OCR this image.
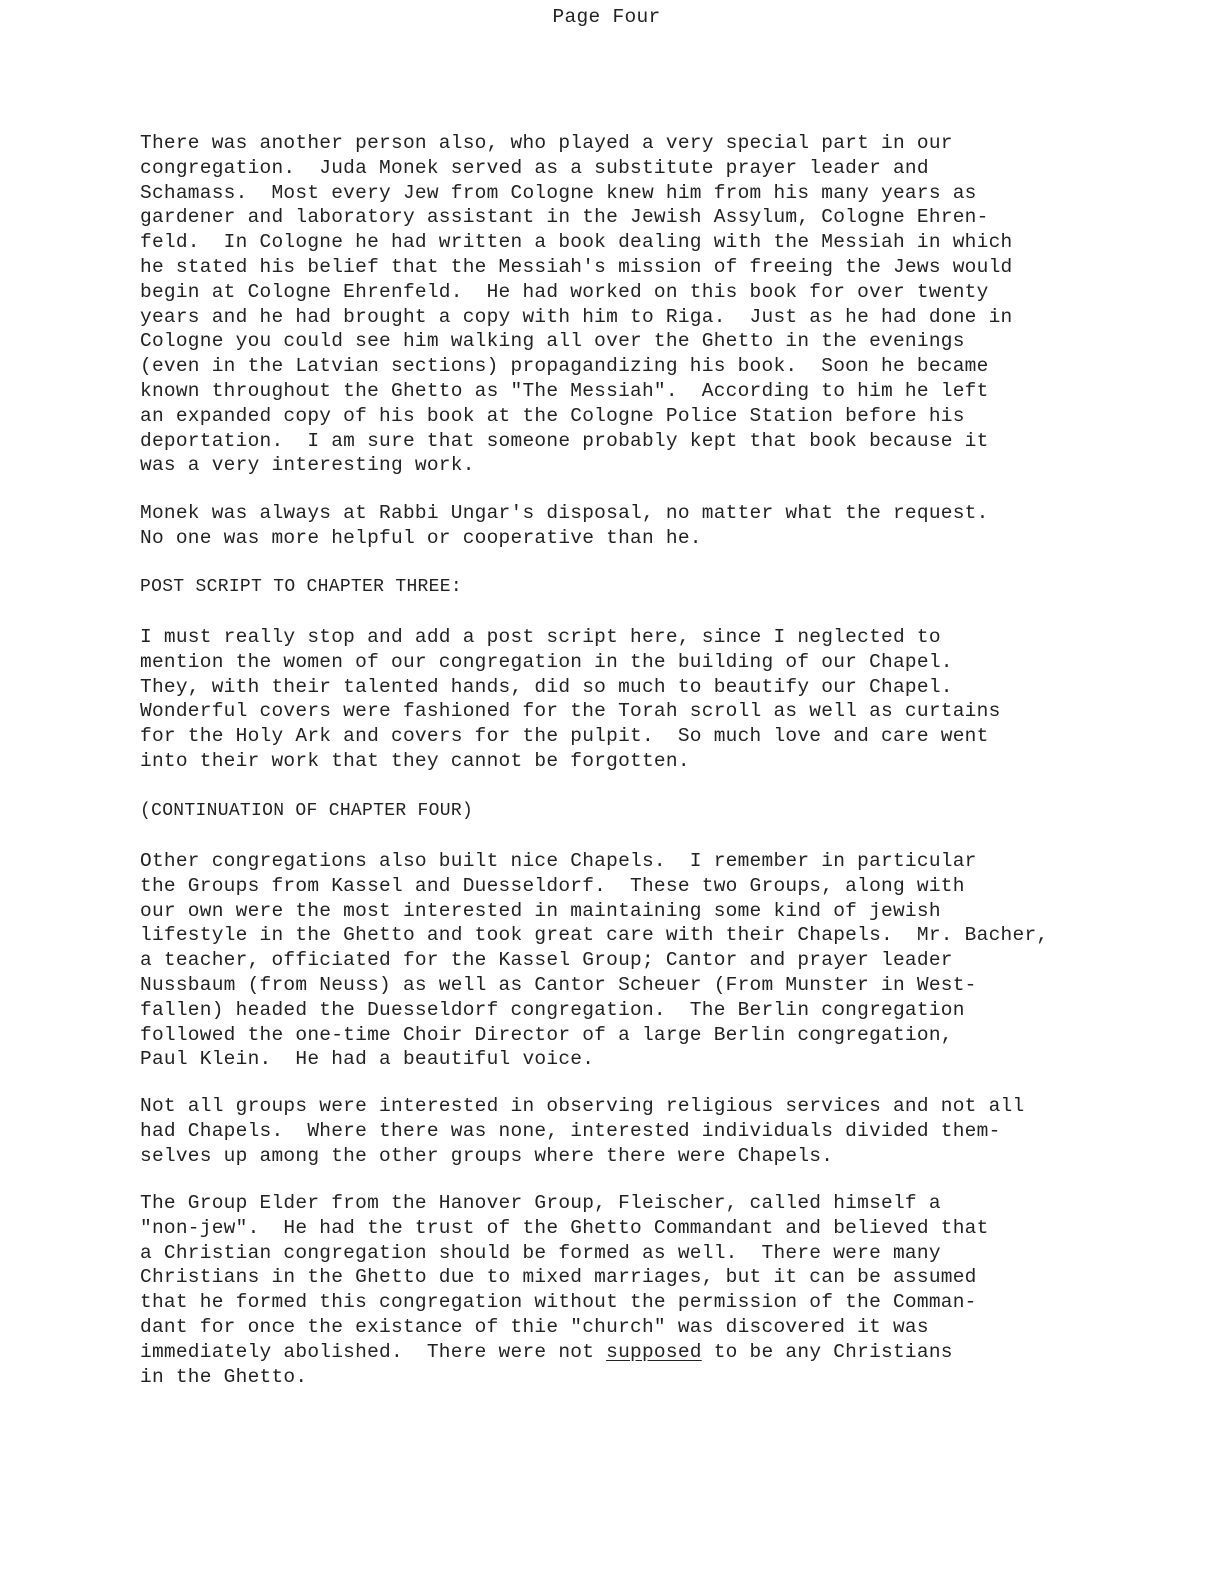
Page Four
There was another person also, who played a very special part in our
congregation.  Juda Monek served as a substitute prayer leader and
Schamass.  Most every Jew from Cologne knew him from his many years as
gardener and laboratory assistant in the Jewish Assylum, Cologne Ehren-
feld.  In Cologne he had written a book dealing with the Messiah in which
he stated his belief that the Messiah's mission of freeing the Jews would
begin at Cologne Ehrenfeld.  He had worked on this book for over twenty
years and he had brought a copy with him to Riga.  Just as he had done in
Cologne you could see him walking all over the Ghetto in the evenings
(even in the Latvian sections) propagandizing his book.  Soon he became
known throughout the Ghetto as "The Messiah".  According to him he left
an expanded copy of his book at the Cologne Police Station before his
deportation.  I am sure that someone probably kept that book because it
was a very interesting work.
Monek was always at Rabbi Ungar's disposal, no matter what the request.
No one was more helpful or cooperative than he.
POST SCRIPT TO CHAPTER THREE:
I must really stop and add a post script here, since I neglected to
mention the women of our congregation in the building of our Chapel.
They, with their talented hands, did so much to beautify our Chapel.
Wonderful covers were fashioned for the Torah scroll as well as curtains
for the Holy Ark and covers for the pulpit.  So much love and care went
into their work that they cannot be forgotten.
(CONTINUATION OF CHAPTER FOUR)
Other congregations also built nice Chapels.  I remember in particular
the Groups from Kassel and Duesseldorf.  These two Groups, along with
our own were the most interested in maintaining some kind of jewish
lifestyle in the Ghetto and took great care with their Chapels.  Mr. Bacher,
a teacher, officiated for the Kassel Group; Cantor and prayer leader
Nussbaum (from Neuss) as well as Cantor Scheuer (From Munster in West-
fallen) headed the Duesseldorf congregation.  The Berlin congregation
followed the one-time Choir Director of a large Berlin congregation,
Paul Klein.  He had a beautiful voice.
Not all groups were interested in observing religious services and not all
had Chapels.  Where there was none, interested individuals divided them-
selves up among the other groups where there were Chapels.
The Group Elder from the Hanover Group, Fleischer, called himself a
"non-jew".  He had the trust of the Ghetto Commandant and believed that
a Christian congregation should be formed as well.  There were many
Christians in the Ghetto due to mixed marriages, but it can be assumed
that he formed this congregation without the permission of the Comman-
dant for once the existance of thie "church" was discovered it was
immediately abolished.  There were not supposed to be any Christians
in the Ghetto.
